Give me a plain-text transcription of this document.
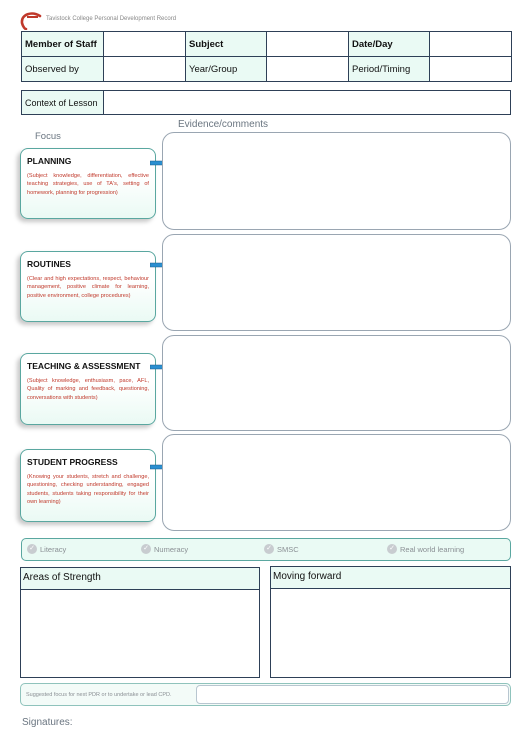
Tavistock College Personal Development Record
Member of Staff		Subject		Date/Day	
Observed by		Year/Group		Period/Timing	
Context of Lesson
Focus
Evidence/comments
PLANNING
(Subject knowledge, differentiation, effective teaching strategies, use of TA's, setting of homework, planning for progression)
ROUTINES
(Clear and high expectations, respect, behaviour management, positive climate for learning, positive environment, college procedures)
TEACHING & ASSESSMENT
(Subject knowledge, enthusiasm, pace, AFL, Quality of marking and feedback, questioning, conversations with students)
STUDENT PROGRESS
(Knowing your students, stretch and challenge, questioning, checking understanding, engaged students, students taking responsibility for their own learning)
✓ Literacy	✓ Numeracy	✓ SMSC	✓ Real world learning
Areas of Strength	Moving forward
Suggested focus for next PDR or to undertake or lead CPD.
Signatures:
